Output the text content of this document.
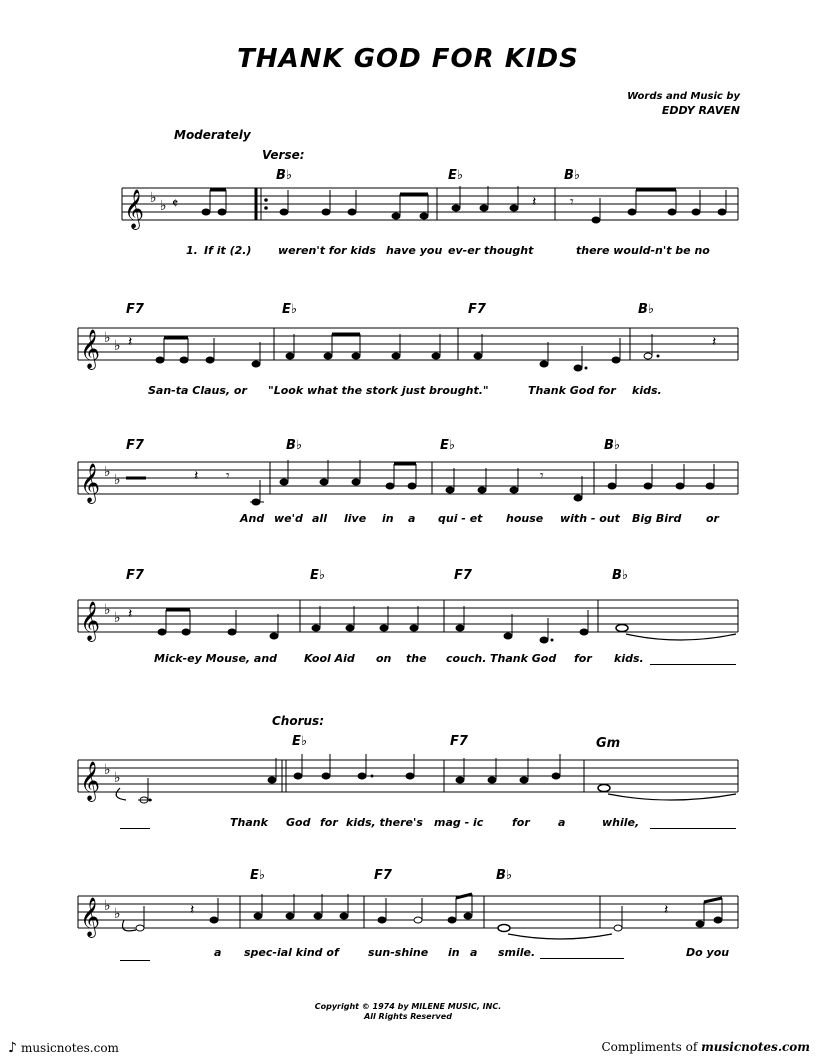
THANK GOD FOR KIDS
Words and Music by
EDDY RAVEN
Moderately
Verse:
Chorus:
B♭	E♭	B♭
𝄞 ♭ ♭ 𝄵	𝄽 𝄾
1. If it (2.) weren't for kids have you ev-er thought	there would-n't be no
F7	E♭	F7	B♭
𝄞 ♭ ♭ 𝄽	𝄽
San-ta Claus, or "Look what the stork just brought."	Thank God for kids.
F7	B♭	E♭	B♭
𝄞 ♭ ♭	𝄽 𝄾	𝄾
And we'd all live in a qui - et house with - out Big Bird or
F7	E♭	F7	B♭
𝄞 ♭ ♭ 𝄽
Mick-ey Mouse, and Kool Aid on the couch. Thank God for kids.
E♭	F7	Gm
𝄞 ♭ ♭
Thank God for kids, there's mag - ic	for	a	while,
E♭	F7	B♭
𝄞 ♭ ♭	𝄽	𝄽
a spec-ial kind of	sun-shine in a smile.	Do you
Copyright © 1974 by MILENE MUSIC, INC.
All Rights Reserved
♪ musicnotes.com	Compliments of musicnotes.com
